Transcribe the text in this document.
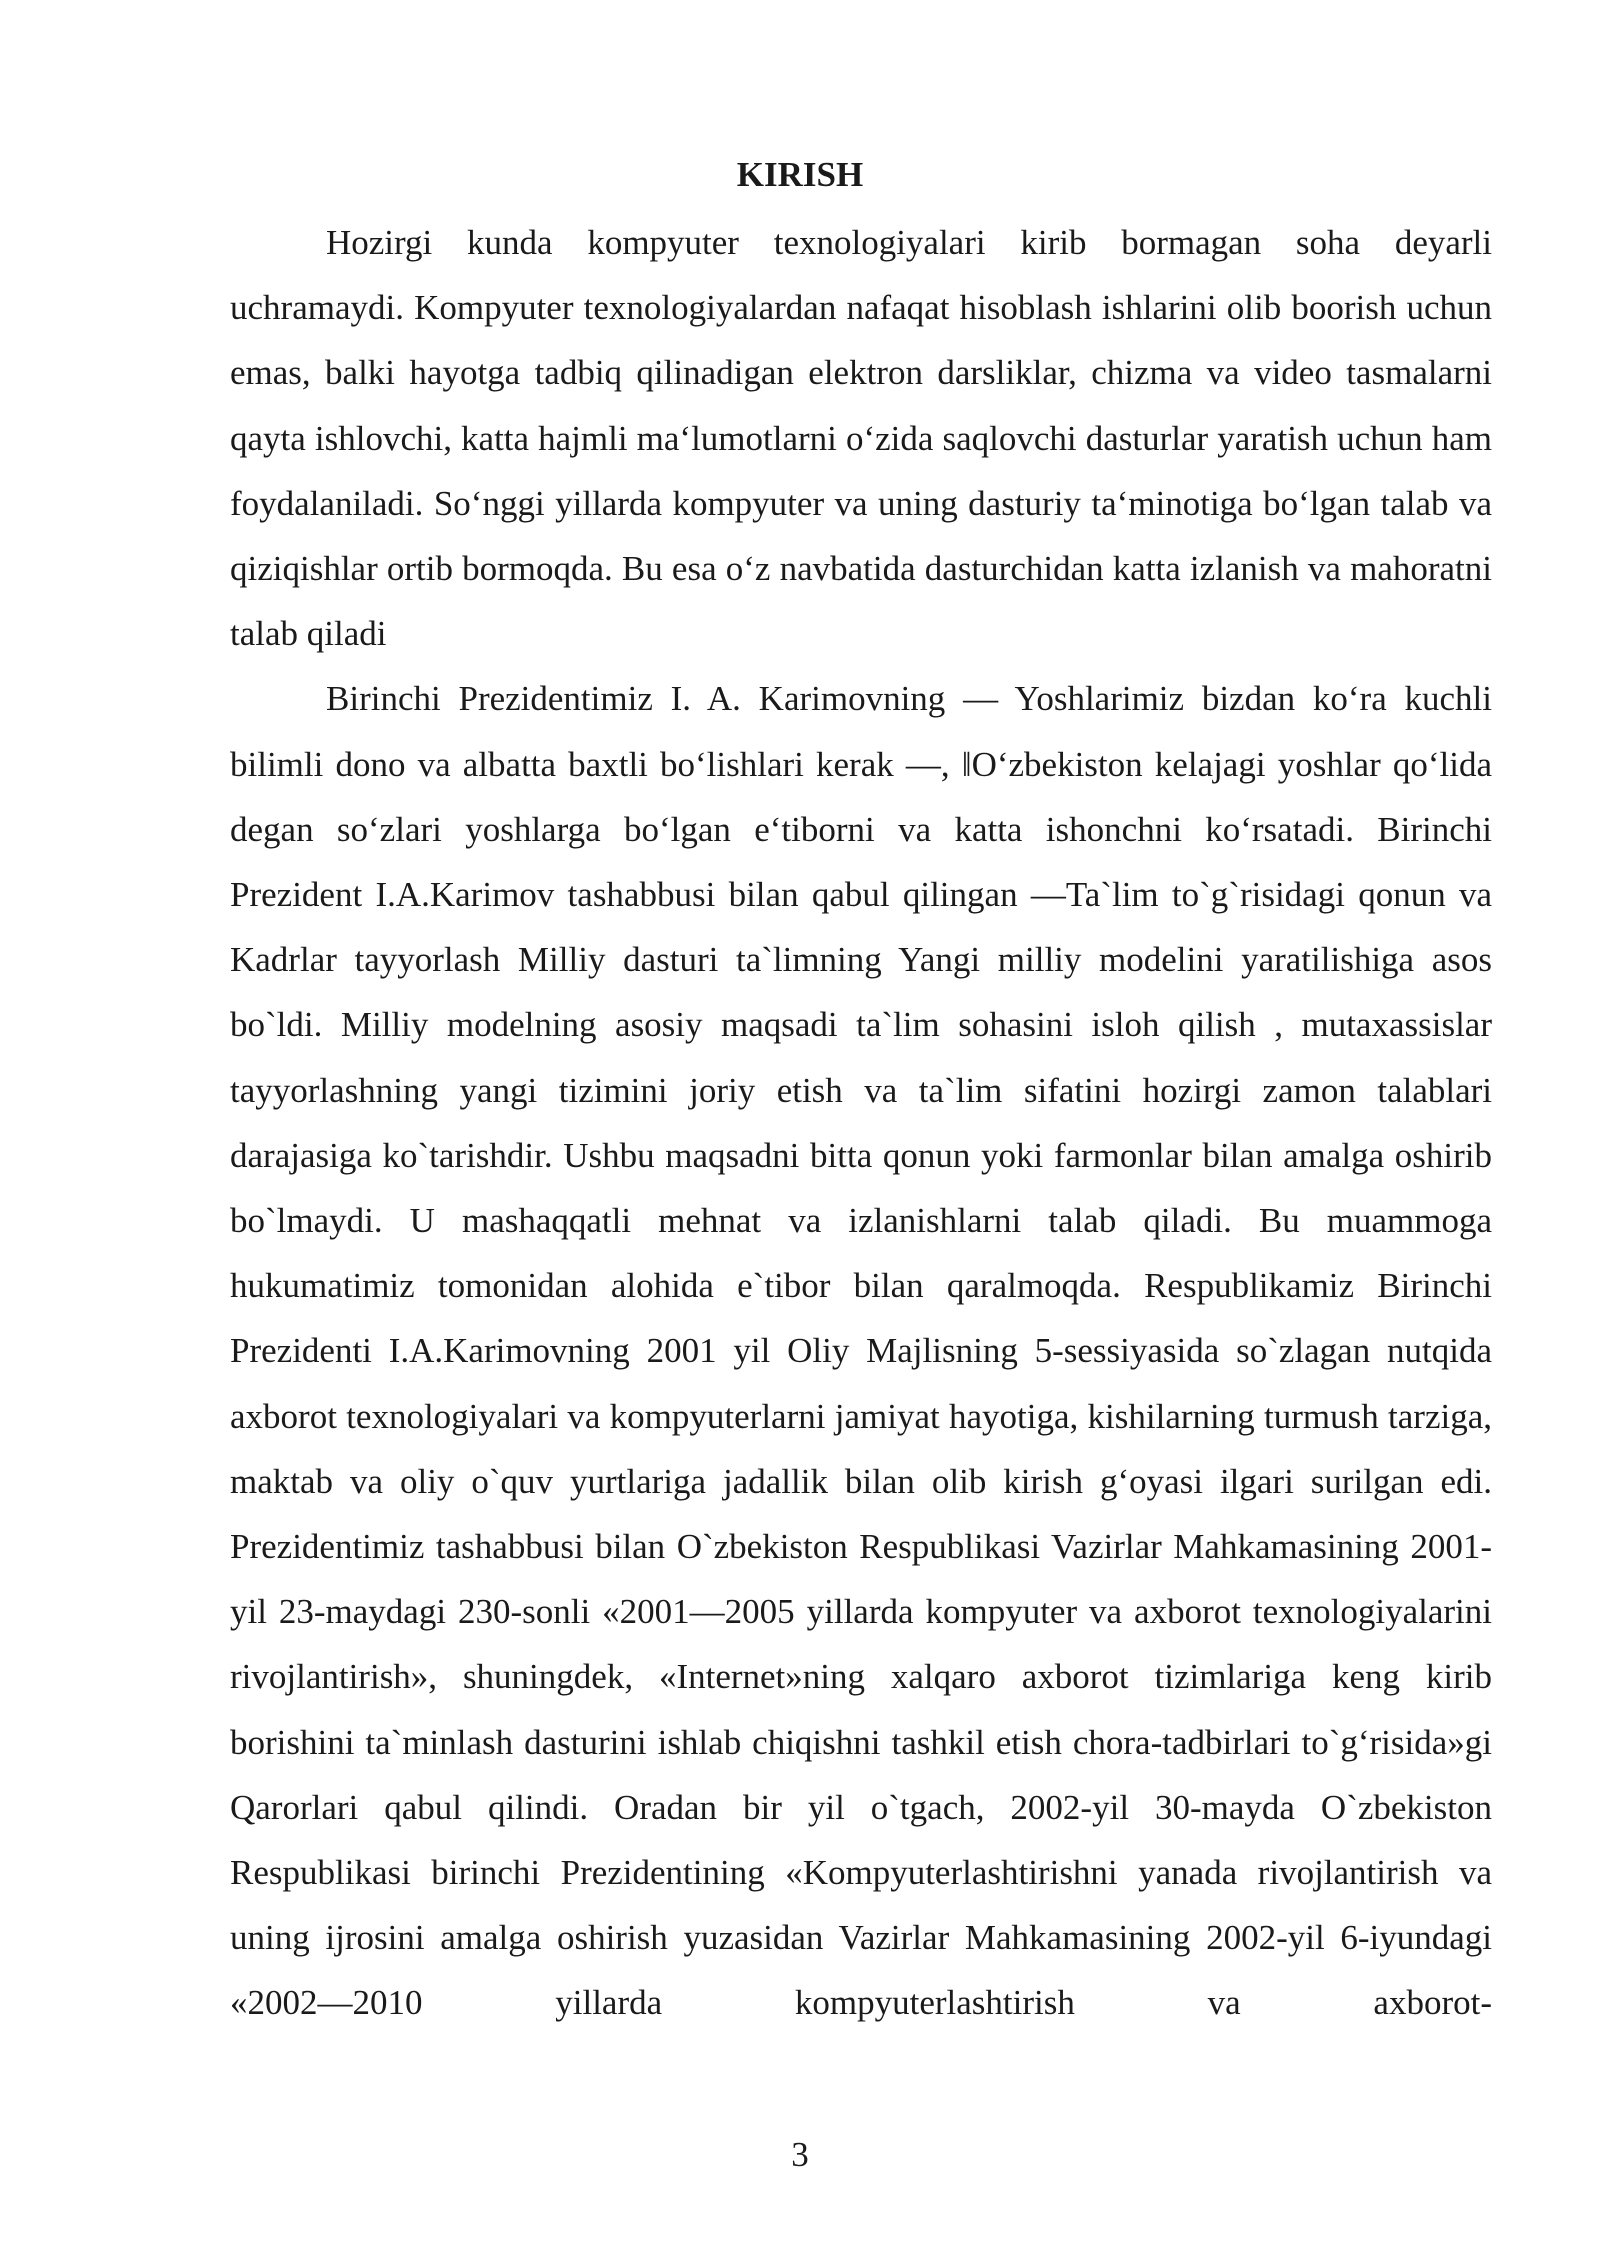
KIRISH

Hozirgi kunda kompyuter texnologiyalari kirib bormagan soha deyarli uchramaydi. Kompyuter texnologiyalardan nafaqat hisoblash ishlarini olib boorish uchun emas, balki hayotga tadbiq qilinadigan elektron darsliklar, chizma va video tasmalarni qayta ishlovchi, katta hajmli ma‘lumotlarni o‘zida saqlovchi dasturlar yaratish uchun ham foydalaniladi. So‘nggi yillarda kompyuter va uning dasturiy ta‘minotiga bo‘lgan talab va qiziqishlar ortib bormoqda. Bu esa o‘z navbatida dasturchidan katta izlanish va mahoratni talab qiladi

Birinchi Prezidentimiz I. A. Karimovning — Yoshlarimiz bizdan ko‘ra kuchli bilimli dono va albatta baxtli bo‘lishlari kerak —, ‖O‘zbekiston kelajagi yoshlar qo‘lida degan so‘zlari yoshlarga bo‘lgan e‘tiborni va katta ishonchni ko‘rsatadi. Birinchi Prezident I.A.Karimov tashabbusi bilan qabul qilingan —Ta`lim to`g`risidagi qonun va Kadrlar tayyorlash Milliy dasturi ta`limning Yangi milliy modelini yaratilishiga asos bo`ldi. Milliy modelning asosiy maqsadi ta`lim sohasini isloh qilish , mutaxassislar tayyorlashning yangi tizimini joriy etish va ta`lim sifatini hozirgi zamon talablari darajasiga ko`tarishdir. Ushbu maqsadni bitta qonun yoki farmonlar bilan amalga oshirib bo`lmaydi. U mashaqqatli mehnat va izlanishlarni talab qiladi. Bu muammoga hukumatimiz tomonidan alohida e`tibor bilan qaralmoqda. Respublikamiz Birinchi Prezidenti I.A.Karimovning 2001 yil Oliy Majlisning 5-sessiyasida so`zlagan nutqida axborot texnologiyalari va kompyuterlarni jamiyat hayotiga, kishilarning turmush tarziga, maktab va oliy o`quv yurtlariga jadallik bilan olib kirish g‘oyasi ilgari surilgan edi. Prezidentimiz tashabbusi bilan O`zbekiston Respublikasi Vazirlar Mahkamasining 2001-yil 23-maydagi 230-sonli «2001—2005 yillarda kompyuter va axborot texnologiyalarini rivojlantirish», shuningdek, «Internet»ning xalqaro axborot tizimlariga keng kirib borishini ta`minlash dasturini ishlab chiqishni tashkil etish chora-tadbirlari to`g‘risida»gi Qarorlari qabul qilindi. Oradan bir yil o`tgach, 2002-yil 30-mayda O`zbekiston Respublikasi birinchi Prezidentining «Kompyuterlashtirishni yanada rivojlantirish va uning ijrosini amalga oshirish yuzasidan Vazirlar Mahkamasining 2002-yil 6-iyundagi «2002—2010 yillarda kompyuterlashtirish va axborot-

3
